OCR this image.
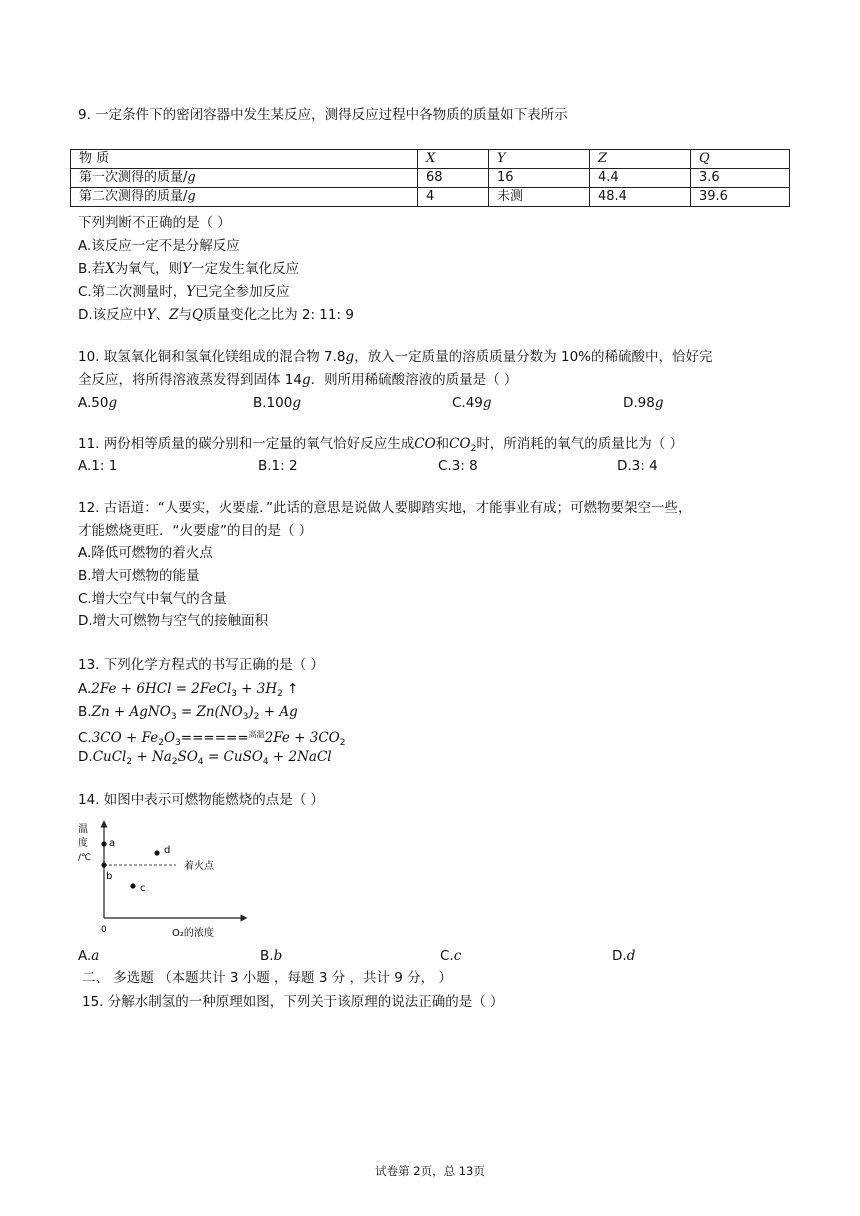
9. 一定条件下的密闭容器中发生某反应，测得反应过程中各物质的质量如下表所示
物 质	X	Y	Z	Q
第一次测得的质量/g	68	16	4.4	3.6
第二次测得的质量/g	4	未测	48.4	39.6
下列判断不正确的是（ ）
A.该反应一定不是分解反应
B.若X为氧气，则Y一定发生氧化反应
C.第二次测量时，Y已完全参加反应
D.该反应中Y、Z与Q质量变化之比为 2: 11: 9
10. 取氢氧化铜和氢氧化镁组成的混合物 7.8g，放入一定质量的溶质质量分数为 10%的稀硫酸中，恰好完
全反应，将所得溶液蒸发得到固体 14g．则所用稀硫酸溶液的质量是（ ）
A.50g	B.100g	C.49g	D.98g
11. 两份相等质量的碳分别和一定量的氧气恰好反应生成CO和$CO_2$时，所消耗的氧气的质量比为（ ）
A.1: 1	B.1: 2	C.3: 8	D.3: 4
12. 古语道：“人要实，火要虚．”此话的意思是说做人要脚踏实地，才能事业有成；可燃物要架空一些，
才能燃烧更旺．“火要虚”的目的是（ ）
A.降低可燃物的着火点
B.增大可燃物的能量
C.增大空气中氧气的含量
D.增大可燃物与空气的接触面积
13. 下列化学方程式的书写正确的是（ ）
A.2Fe + 6HCl = 2FeCl$_3$ + $3H_2$ ↑
B.Zn + AgNO$_3$ = $Zn(NO_3)_2 + Ag$
$C.3CO + Fe_2O_3======^{高温}2Fe + 3CO_2$
D.CuCl$_2$ + $Na_2SO_4$ = CuSO$_4$ + 2NaCl
14. 如图中表示可燃物能燃烧的点是（ ）
温
度
/℃
着火点
0	O₂的浓度
a
b
c
d
A.a	B.b	C.c	D.d
二、 多选题 （本题共计 3 小题 ，每题 3 分 ，共计 9 分， ）
15. 分解水制氢的一种原理如图，下列关于该原理的说法正确的是（ ）
试卷第 2页，总 13页
